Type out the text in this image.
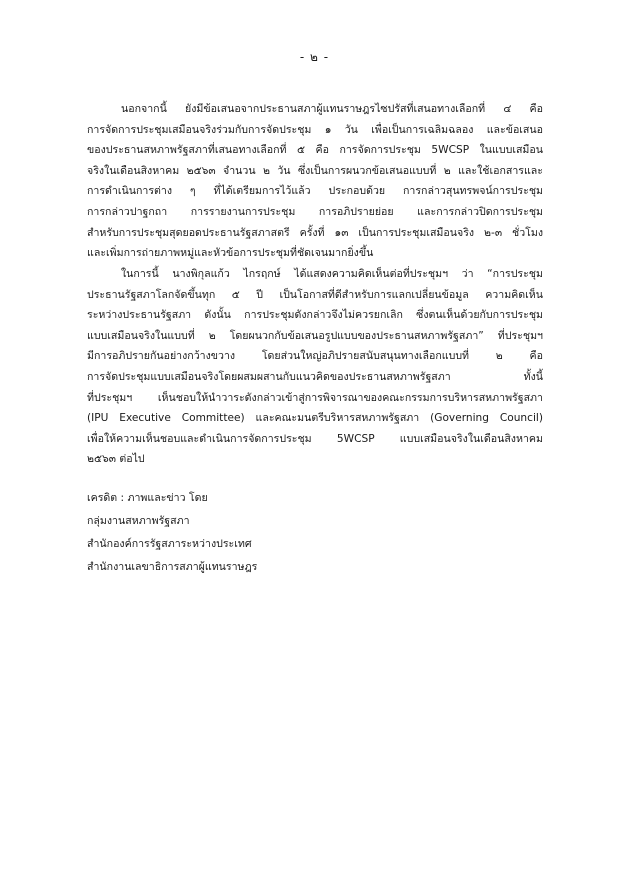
- ๒ -
นอกจากนี้ ยังมีข้อเสนอจากประธานสภาผู้แทนราษฎรไซปรัสที่เสนอทางเลือกที่ ๔ คือ
การจัดการประชุมเสมือนจริงร่วมกับการจัดประชุม ๑ วัน เพื่อเป็นการเฉลิมฉลอง และข้อเสนอ
ของประธานสหภาพรัฐสภาที่เสนอทางเลือกที่ ๕ คือ การจัดการประชุม 5WCSP ในแบบเสมือน
จริงในเดือนสิงหาคม ๒๕๖๓ จำนวน ๒ วัน ซึ่งเป็นการผนวกข้อเสนอแบบที่ ๒ และใช้เอกสารและ
การดำเนินการต่าง ๆ ที่ได้เตรียมการไว้แล้ว ประกอบด้วย การกล่าวสุนทรพจน์การประชุม
การกล่าวปาฐกถา การรายงานการประชุม การอภิปรายย่อย และการกล่าวปิดการประชุม
สำหรับการประชุมสุดยอดประธานรัฐสภาสตรี ครั้งที่ ๑๓ เป็นการประชุมเสมือนจริง ๒-๓ ชั่วโมง
และเพิ่มการถ่ายภาพหมู่และหัวข้อการประชุมที่ชัดเจนมากยิ่งขึ้น
ในการนี้ นางพิกุลแก้ว ไกรฤกษ์ ได้แสดงความคิดเห็นต่อที่ประชุมฯ ว่า “การประชุม
ประธานรัฐสภาโลกจัดขึ้นทุก ๕ ปี เป็นโอกาสที่ดีสำหรับการแลกเปลี่ยนข้อมูล ความคิดเห็น
ระหว่างประธานรัฐสภา ดังนั้น การประชุมดังกล่าวจึงไม่ควรยกเลิก ซึ่งตนเห็นด้วยกับการประชุม
แบบเสมือนจริงในแบบที่ ๒ โดยผนวกกับข้อเสนอรูปแบบของประธานสหภาพรัฐสภา” ที่ประชุมฯ
มีการอภิปรายกันอย่างกว้างขวาง โดยส่วนใหญ่อภิปรายสนับสนุนทางเลือกแบบที่ ๒ คือ
การจัดประชุมแบบเสมือนจริงโดยผสมผสานกับแนวคิดของประธานสหภาพรัฐสภา ทั้งนี้
ที่ประชุมฯ เห็นชอบให้นำวาระดังกล่าวเข้าสู่การพิจารณาของคณะกรรมการบริหารสหภาพรัฐสภา
(IPU Executive Committee) และคณะมนตรีบริหารสหภาพรัฐสภา (Governing Council)
เพื่อให้ความเห็นชอบและดำเนินการจัดการประชุม 5WCSP แบบเสมือนจริงในเดือนสิงหาคม
๒๕๖๓ ต่อไป
เครดิต : ภาพและข่าว โดย
กลุ่มงานสหภาพรัฐสภา
สำนักองค์การรัฐสภาระหว่างประเทศ
สำนักงานเลขาธิการสภาผู้แทนราษฎร
